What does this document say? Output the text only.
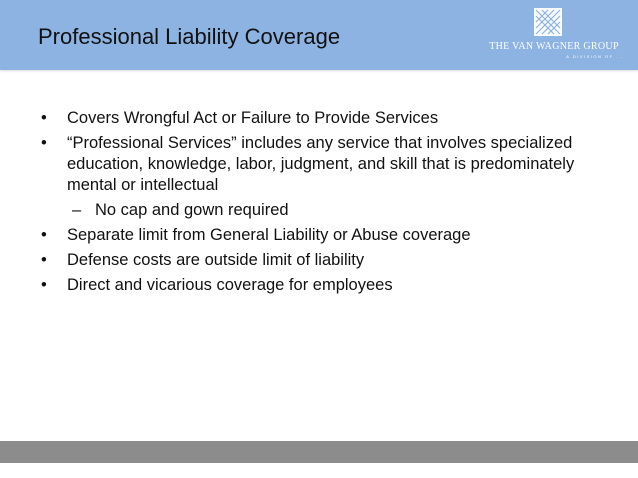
Professional Liability Coverage	THE VAN WAGNER GROUP
A DIVISION OF ...
• Covers Wrongful Act or Failure to Provide Services
• “Professional Services” includes any service that involves specialized education, knowledge, labor, judgment, and skill that is predominately mental or intellectual
– No cap and gown required
• Separate limit from General Liability or Abuse coverage
• Defense costs are outside limit of liability
• Direct and vicarious coverage for employees
